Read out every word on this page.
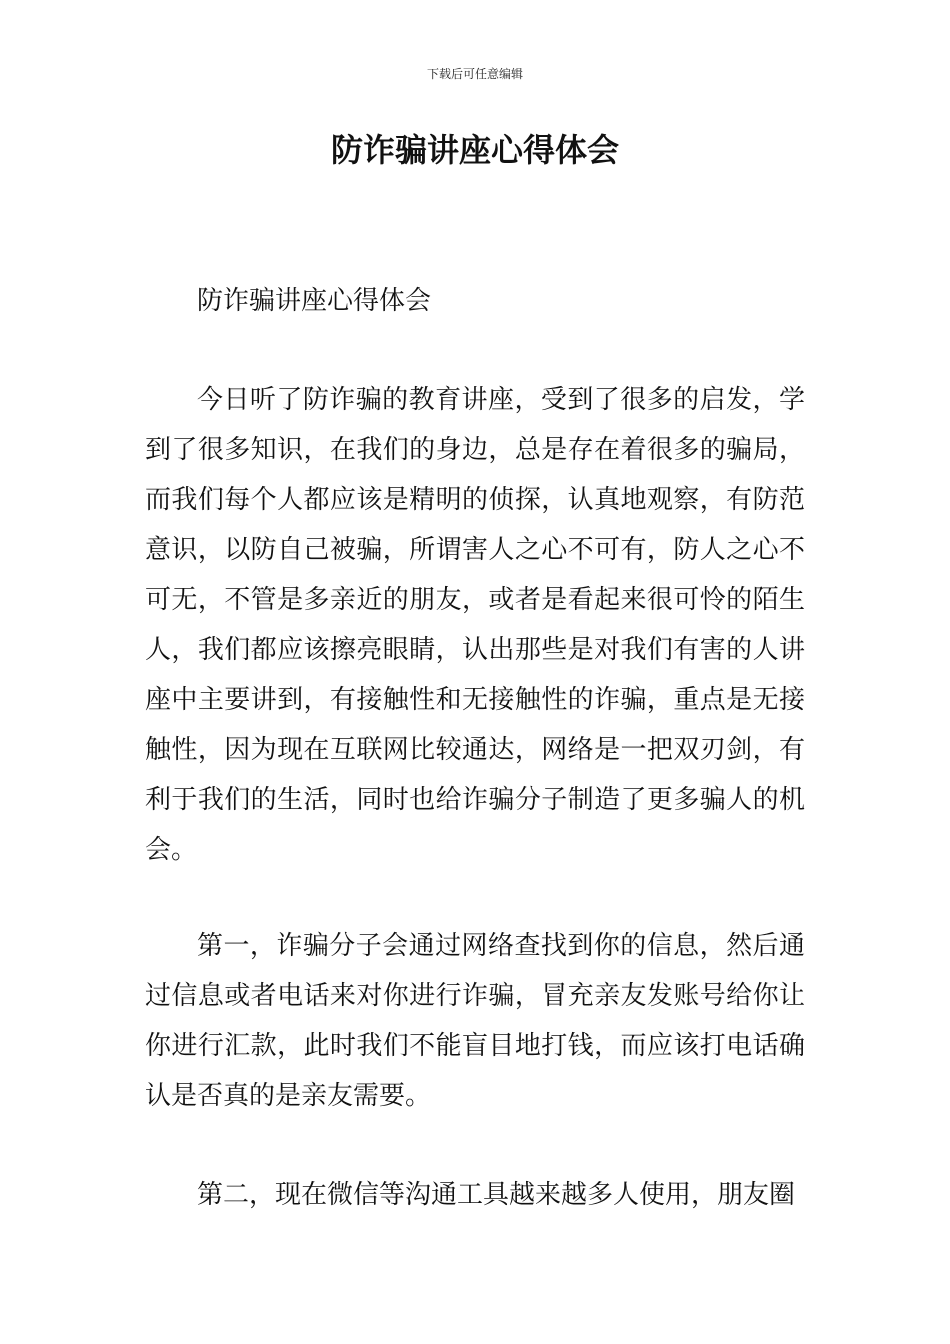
下载后可任意编辑
防诈骗讲座心得体会

防诈骗讲座心得体会

今日听了防诈骗的教育讲座，受到了很多的启发，学到了很多知识，在我们的身边，总是存在着很多的骗局，而我们每个人都应该是精明的侦探，认真地观察，有防范意识，以防自己被骗，所谓害人之心不可有，防人之心不可无，不管是多亲近的朋友，或者是看起来很可怜的陌生人，我们都应该擦亮眼睛，认出那些是对我们有害的人讲座中主要讲到，有接触性和无接触性的诈骗，重点是无接触性，因为现在互联网比较通达，网络是一把双刃剑，有利于我们的生活，同时也给诈骗分子制造了更多骗人的机会。

第一，诈骗分子会通过网络查找到你的信息，然后通过信息或者电话来对你进行诈骗，冒充亲友发账号给你让你进行汇款，此时我们不能盲目地打钱，而应该打电话确认是否真的是亲友需要。

第二，现在微信等沟通工具越来越多人使用，朋友圈
